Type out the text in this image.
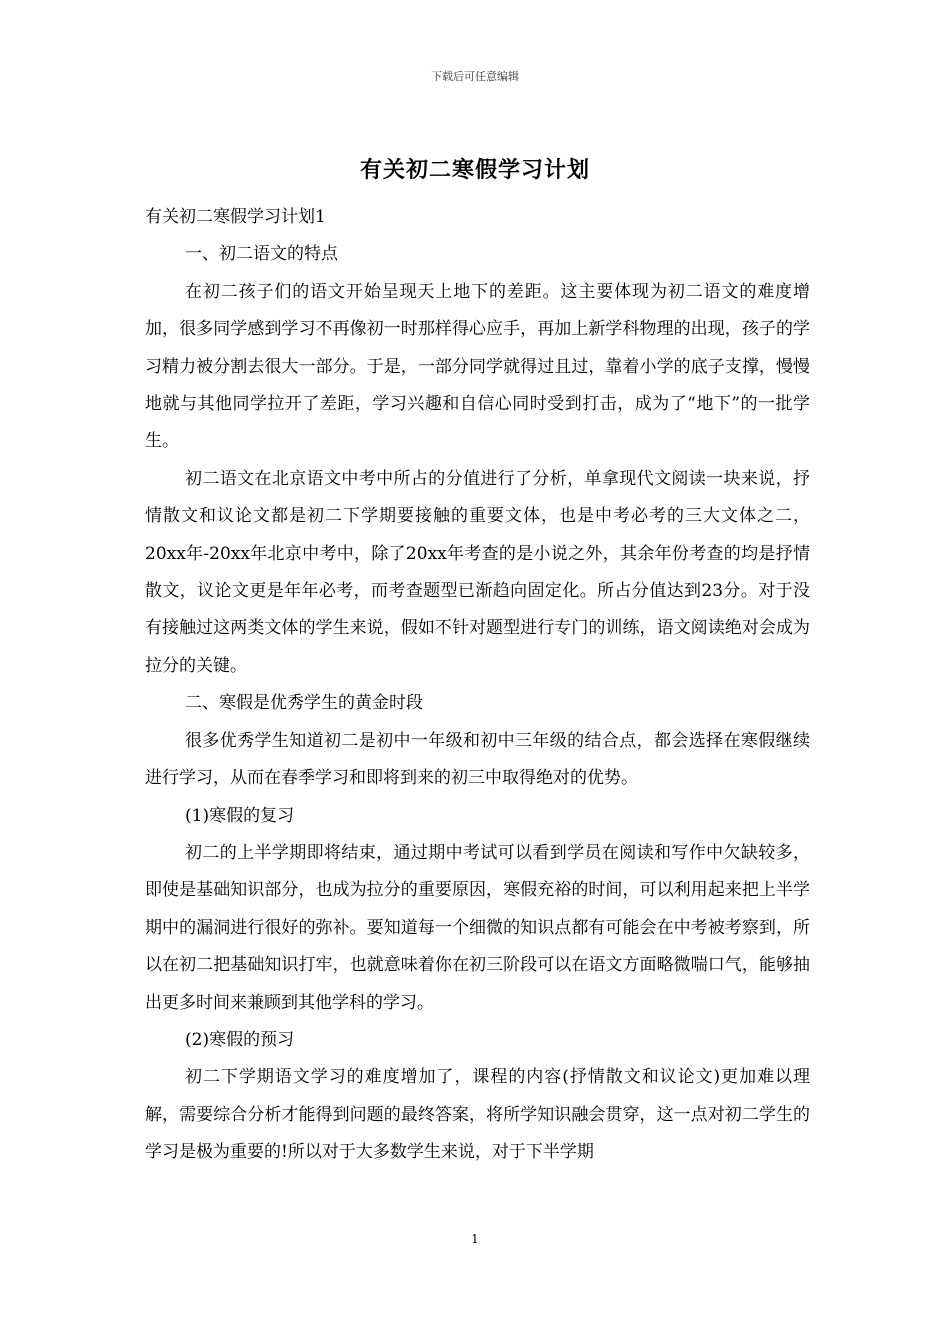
下载后可任意编辑
有关初二寒假学习计划

有关初二寒假学习计划1

一、初二语文的特点

在初二孩子们的语文开始呈现天上地下的差距。这主要体现为初二语文的难度增加，很多同学感到学习不再像初一时那样得心应手，再加上新学科物理的出现，孩子的学习精力被分割去很大一部分。于是，一部分同学就得过且过，靠着小学的底子支撑，慢慢地就与其他同学拉开了差距，学习兴趣和自信心同时受到打击，成为了“地下”的一批学生。

初二语文在北京语文中考中所占的分值进行了分析，单拿现代文阅读一块来说，抒情散文和议论文都是初二下学期要接触的重要文体，也是中考必考的三大文体之二，20xx年-20xx年北京中考中，除了20xx年考查的是小说之外，其余年份考查的均是抒情散文，议论文更是年年必考，而考查题型已渐趋向固定化。所占分值达到23分。对于没有接触过这两类文体的学生来说，假如不针对题型进行专门的训练，语文阅读绝对会成为拉分的关键。

二、寒假是优秀学生的黄金时段

很多优秀学生知道初二是初中一年级和初中三年级的结合点，都会选择在寒假继续进行学习，从而在春季学习和即将到来的初三中取得绝对的优势。

(1)寒假的复习

初二的上半学期即将结束，通过期中考试可以看到学员在阅读和写作中欠缺较多，即使是基础知识部分，也成为拉分的重要原因，寒假充裕的时间，可以利用起来把上半学期中的漏洞进行很好的弥补。要知道每一个细微的知识点都有可能会在中考被考察到，所以在初二把基础知识打牢，也就意味着你在初三阶段可以在语文方面略微喘口气，能够抽出更多时间来兼顾到其他学科的学习。

(2)寒假的预习

初二下学期语文学习的难度增加了，课程的内容(抒情散文和议论文)更加难以理解，需要综合分析才能得到问题的最终答案，将所学知识融会贯穿，这一点对初二学生的学习是极为重要的!所以对于大多数学生来说，对于下半学期

1
